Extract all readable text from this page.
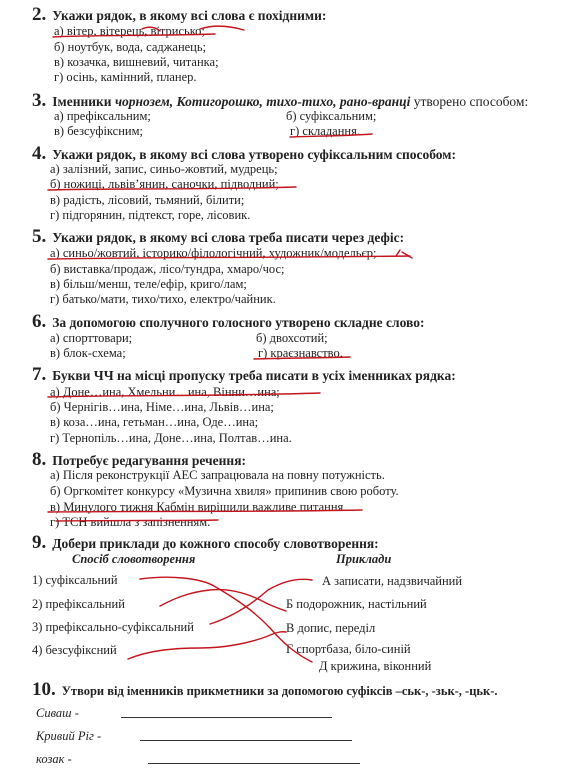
2. Укажи рядок, в якому всі слова є похідними:
а) вітер, вітерець, вітрисько;
б) ноутбук, вода, саджанець;
в) козачка, вишневий, читанка;
г) осінь, камінний, планер.
3. Іменники чорнозем, Котигорошко, тихо-тихо, рано-вранці утворено способом:
а) префіксальним;	б) суфіксальним;
в) безсуфіксним;	г) складання.
4. Укажи рядок, в якому всі слова утворено суфіксальним способом:
а) залізний, запис, синьо-жовтий, мудрець;
б) ножиці, львів’янин, саночки, підводний;
в) радість, лісовий, тьмяний, білити;
г) підгорянин, підтекст, горе, лісовик.
5. Укажи рядок, в якому всі слова треба писати через дефіс:
а) синьо/жовтий, історико/філологічний, художник/модельєр;
б) виставка/продаж, лісо/тундра, хмаро/чос;
в) більш/менш, теле/ефір, криго/лам;
г) батько/мати, тихо/тихо, електро/чайник.
6. За допомогою сполучного голосного утворено складне слово:
а) спорттовари;	б) двохсотий;
в) блок-схема;	г) краєзнавство.
7. Букви ЧЧ на місці пропуску треба писати в усіх іменниках рядка:
а) Доне…ина, Хмельни…ина, Вінни…ина;
б) Чернігів…ина, Німе…ина, Львів…ина;
в) коза…ина, гетьман…ина, Оде…ина;
г) Тернопіль…ина, Доне…ина, Полтав…ина.
8. Потребує редагування речення:
а) Після реконструкції АЕС запрацювала на повну потужність.
б) Оргкомітет конкурсу «Музична хвиля» припинив свою роботу.
в) Минулого тижня Кабмін вирішили важливе питання.
г) ТСН вийшла з запізненням.
9. Добери приклади до кожного способу словотворення:
Спосіб словотворення	Приклади
1) суфіксальний
2) префіксальний
3) префіксально-суфіксальний
4) безсуфіксний
А записати, надзвичайний
Б подорожник, настільний
В допис, переділ
Г спортбаза, біло-синій
Д крижина, віконний
10. Утвори від іменників прикметники за допомогою суфіксів –ськ-, -зьк-, -цьк-.
Сиваш -
Кривий Ріг -
козак -
